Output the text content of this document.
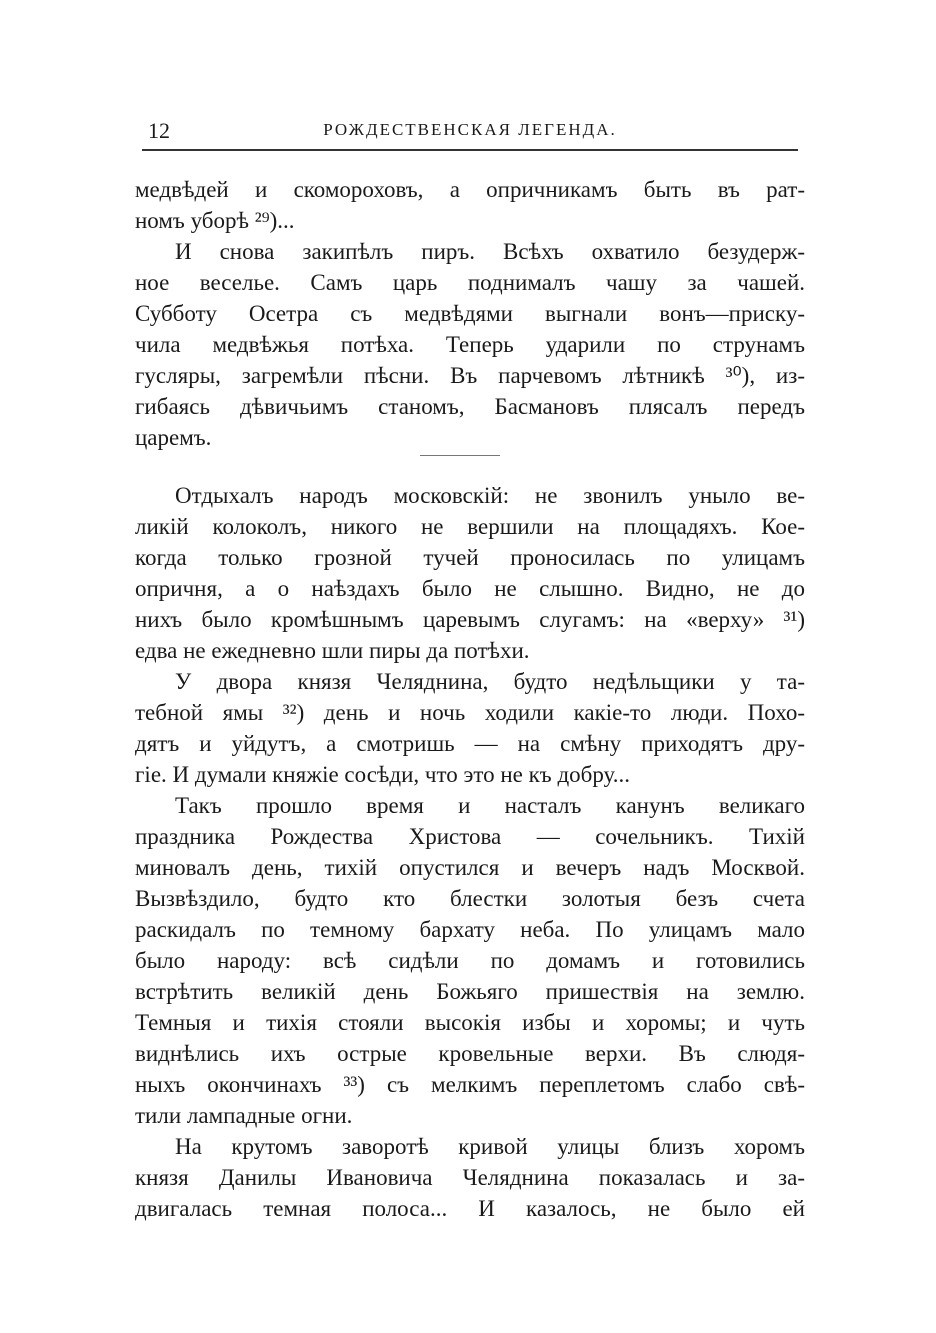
12	РОЖДЕСТВЕНСКАЯ ЛЕГЕНДА.
медвѣдей и скомороховъ, а опричникамъ быть въ рат-
номъ уборѣ ²⁹)...
И снова закипѣлъ пиръ. Всѣхъ охватило безудерж-
ное веселье. Самъ царь поднималъ чашу за чашей.
Субботу Осетра съ медвѣдями выгнали вонъ—приску-
чила медвѣжья потѣха. Теперь ударили по струнамъ
гусляры, загремѣли пѣсни. Въ парчевомъ лѣтникѣ ³⁰), из-
гибаясь дѣвичьимъ станомъ, Басмановъ плясалъ передъ
царемъ.
Отдыхалъ народъ московскій: не звонилъ уныло ве-
ликій колоколъ, никого не вершили на площадяхъ. Кое-
когда только грозной тучей проносилась по улицамъ
опричня, а о наѣздахъ было не слышно. Видно, не до
нихъ было кромѣшнымъ царевымъ слугамъ: на «верху» ³¹)
едва не ежедневно шли пиры да потѣхи.
У двора князя Челяднина, будто недѣльщики у та-
тебной ямы ³²) день и ночь ходили какіе-то люди. Похо-
дятъ и уйдутъ, а смотришь — на смѣну приходятъ дру-
гіе. И думали княжіе сосѣди, что это не къ добру...
Такъ прошло время и насталъ канунъ великаго
праздника Рождества Христова — сочельникъ. Тихій
миновалъ день, тихій опустился и вечеръ надъ Москвой.
Вызвѣздило, будто кто блестки золотыя безъ счета
раскидалъ по темному бархату неба. По улицамъ мало
было народу: всѣ сидѣли по домамъ и готовились
встрѣтить великій день Божьяго пришествія на землю.
Темныя и тихія стояли высокія избы и хоромы; и чуть
виднѣлись ихъ острые кровельные верхи. Въ слюдя-
ныхъ окончинахъ ³³) съ мелкимъ переплетомъ слабо свѣ-
тили лампадные огни.
На крутомъ заворотѣ кривой улицы близъ хоромъ
князя Данилы Ивановича Челяднина показалась и за-
двигалась темная полоса... И казалось, не было ей
